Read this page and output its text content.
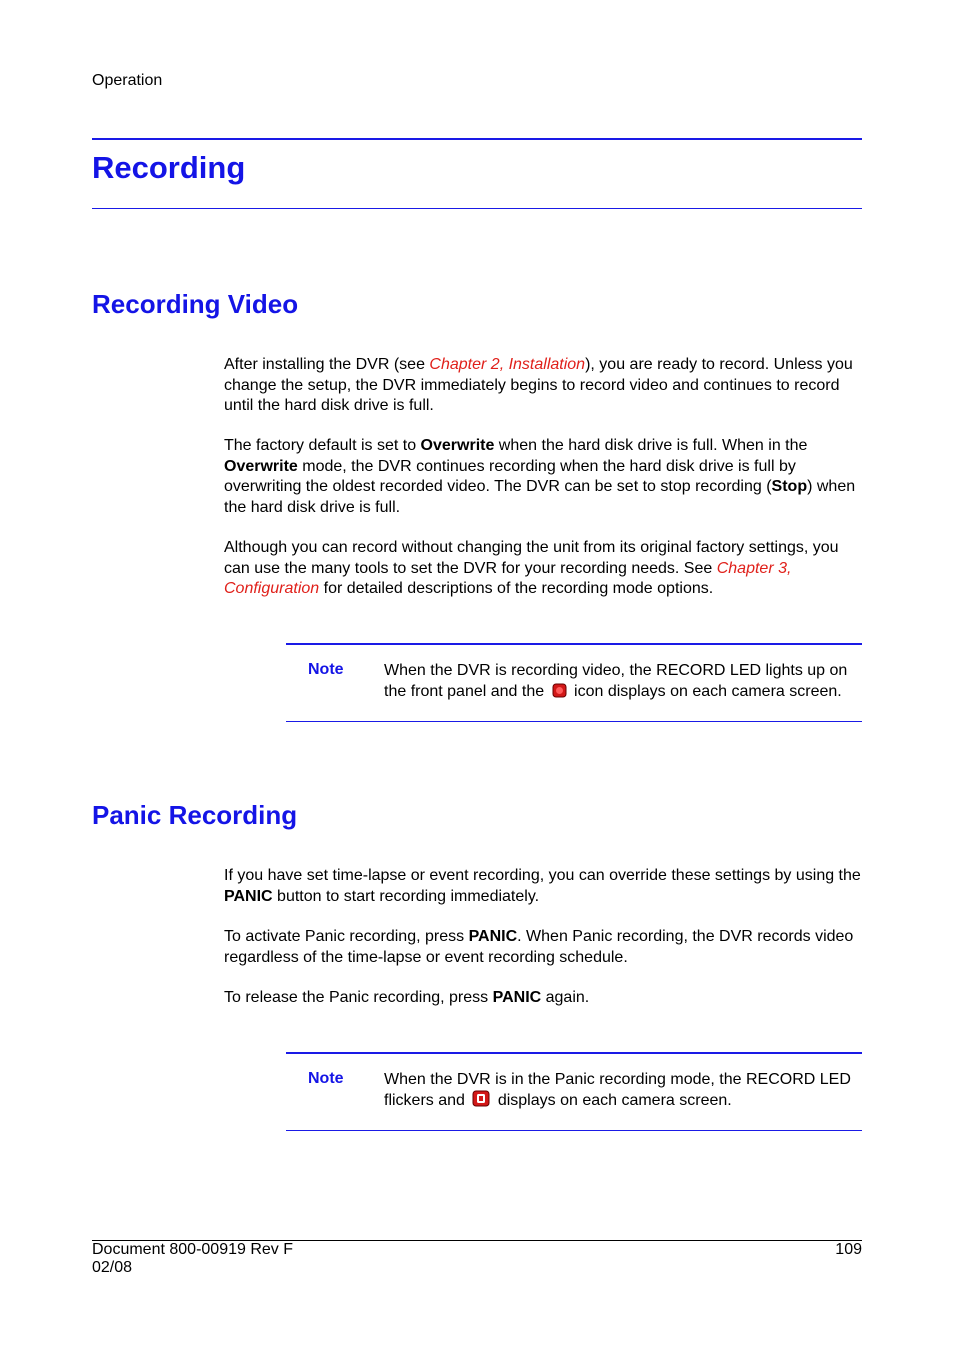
Operation
Recording
Recording Video

After installing the DVR (see Chapter 2, Installation), you are ready to record. Unless you change the setup, the DVR immediately begins to record video and continues to record until the hard disk drive is full.

The factory default is set to Overwrite when the hard disk drive is full. When in the Overwrite mode, the DVR continues recording when the hard disk drive is full by overwriting the oldest recorded video. The DVR can be set to stop recording (Stop) when the hard disk drive is full.

Although you can record without changing the unit from its original factory settings, you can use the many tools to set the DVR for your recording needs. See Chapter 3, Configuration for detailed descriptions of the recording mode options.

Note	When the DVR is recording video, the RECORD LED lights up on the front panel and the  icon displays on each camera screen.
Panic Recording

If you have set time-lapse or event recording, you can override these settings by using the PANIC button to start recording immediately.

To activate Panic recording, press PANIC. When Panic recording, the DVR records video regardless of the time-lapse or event recording schedule.

To release the Panic recording, press PANIC again.

Note	When the DVR is in the Panic recording mode, the RECORD LED flickers and  displays on each camera screen.
Document 800-00919 Rev F
02/08
109
